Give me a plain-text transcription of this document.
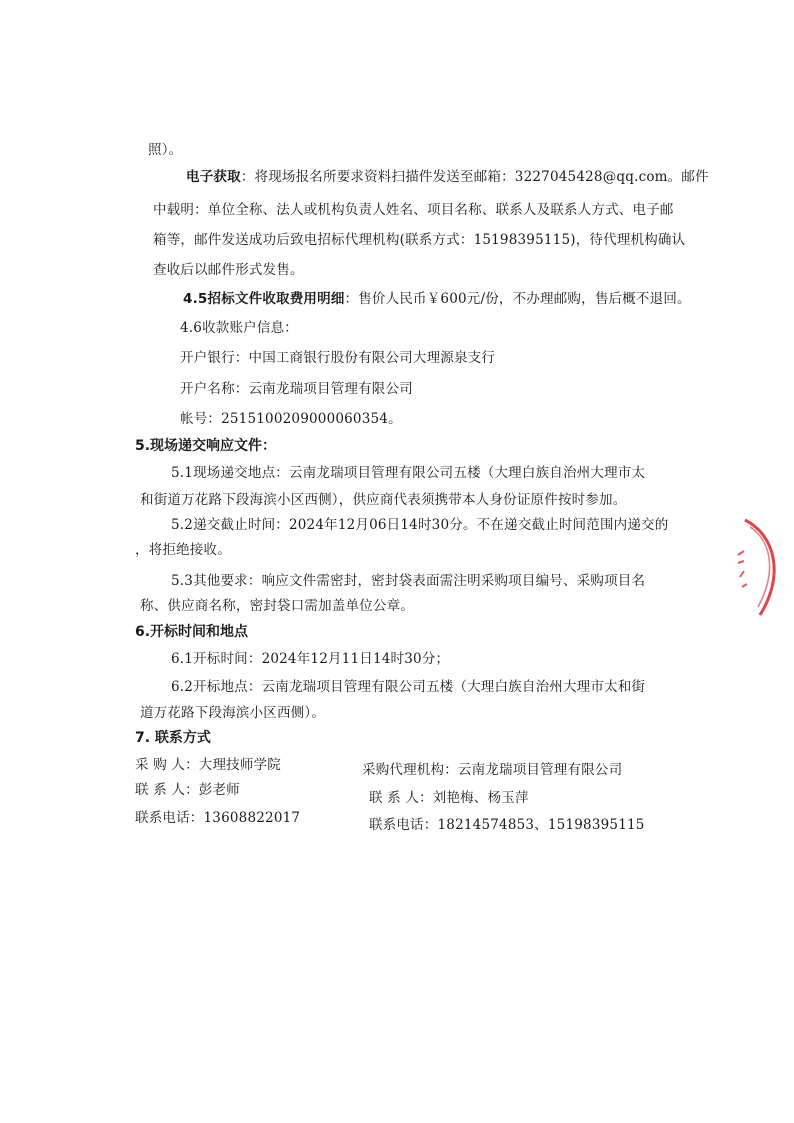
照）。
电子获取：将现场报名所要求资料扫描件发送至邮箱：3227045428@qq.com。邮件
中载明：单位全称、法人或机构负责人姓名、项目名称、联系人及联系人方式、电子邮
箱等，邮件发送成功后致电招标代理机构(联系方式：15198395115)，待代理机构确认
查收后以邮件形式发售。
4.5招标文件收取费用明细：售价人民币￥600元/份，不办理邮购，售后概不退回。
4.6收款账户信息：
开户银行：中国工商银行股份有限公司大理源泉支行
开户名称：云南龙瑞项目管理有限公司
帐号：2515100209000060354。
5.现场递交响应文件：
5.1现场递交地点：云南龙瑞项目管理有限公司五楼（大理白族自治州大理市太
和街道万花路下段海滨小区西侧），供应商代表须携带本人身份证原件按时参加。
5.2递交截止时间：2024年12月06日14时30分。不在递交截止时间范围内递交的
，将拒绝接收。
5.3其他要求：响应文件需密封，密封袋表面需注明采购项目编号、采购项目名
称、供应商名称，密封袋口需加盖单位公章。
6.开标时间和地点
6.1开标时间：2024年12月11日14时30分；
6.2开标地点：云南龙瑞项目管理有限公司五楼（大理白族自治州大理市太和街
道万花路下段海滨小区西侧）。
7. 联系方式
采 购 人：大理技师学院
联 系 人：彭老师
联系电话：13608822017
采购代理机构：云南龙瑞项目管理有限公司
联 系 人：刘艳梅、杨玉萍
联系电话：18214574853、15198395115
